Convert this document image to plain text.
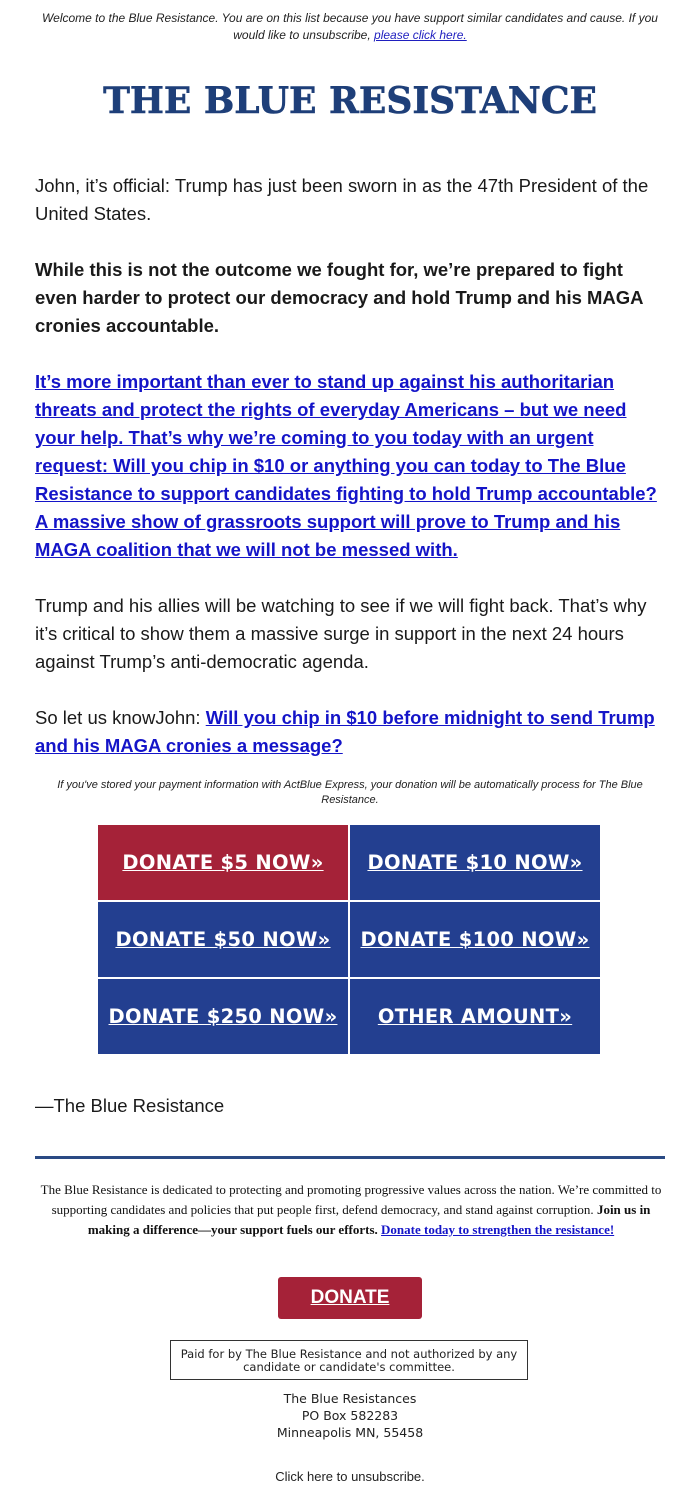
Welcome to the Blue Resistance. You are on this list because you have support similar candidates and cause. If you would like to unsubscribe, please click here.
THE BLUE RESISTANCE
John, it’s official: Trump has just been sworn in as the 47th President of the United States.
While this is not the outcome we fought for, we’re prepared to fight even harder to protect our democracy and hold Trump and his MAGA cronies accountable.
It’s more important than ever to stand up against his authoritarian threats and protect the rights of everyday Americans – but we need your help. That’s why we’re coming to you today with an urgent request: Will you chip in $10 or anything you can today to The Blue Resistance to support candidates fighting to hold Trump accountable? A massive show of grassroots support will prove to Trump and his MAGA coalition that we will not be messed with.
Trump and his allies will be watching to see if we will fight back. That’s why it’s critical to show them a massive surge in support in the next 24 hours against Trump’s anti-democratic agenda.
So let us knowJohn: Will you chip in $10 before midnight to send Trump and his MAGA cronies a message?
If you've stored your payment information with ActBlue Express, your donation will be automatically process for The Blue Resistance.
DONATE $5 NOW»	DONATE $10 NOW»
DONATE $50 NOW»	DONATE $100 NOW»
DONATE $250 NOW»	OTHER AMOUNT»
—The Blue Resistance
The Blue Resistance is dedicated to protecting and promoting progressive values across the nation. We’re committed to supporting candidates and policies that put people first, defend democracy, and stand against corruption. Join us in making a difference—your support fuels our efforts. Donate today to strengthen the resistance!
DONATE
Paid for by The Blue Resistance and not authorized by any candidate or candidate's committee.
The Blue Resistances
PO Box 582283
Minneapolis MN, 55458
Click here to unsubscribe.
